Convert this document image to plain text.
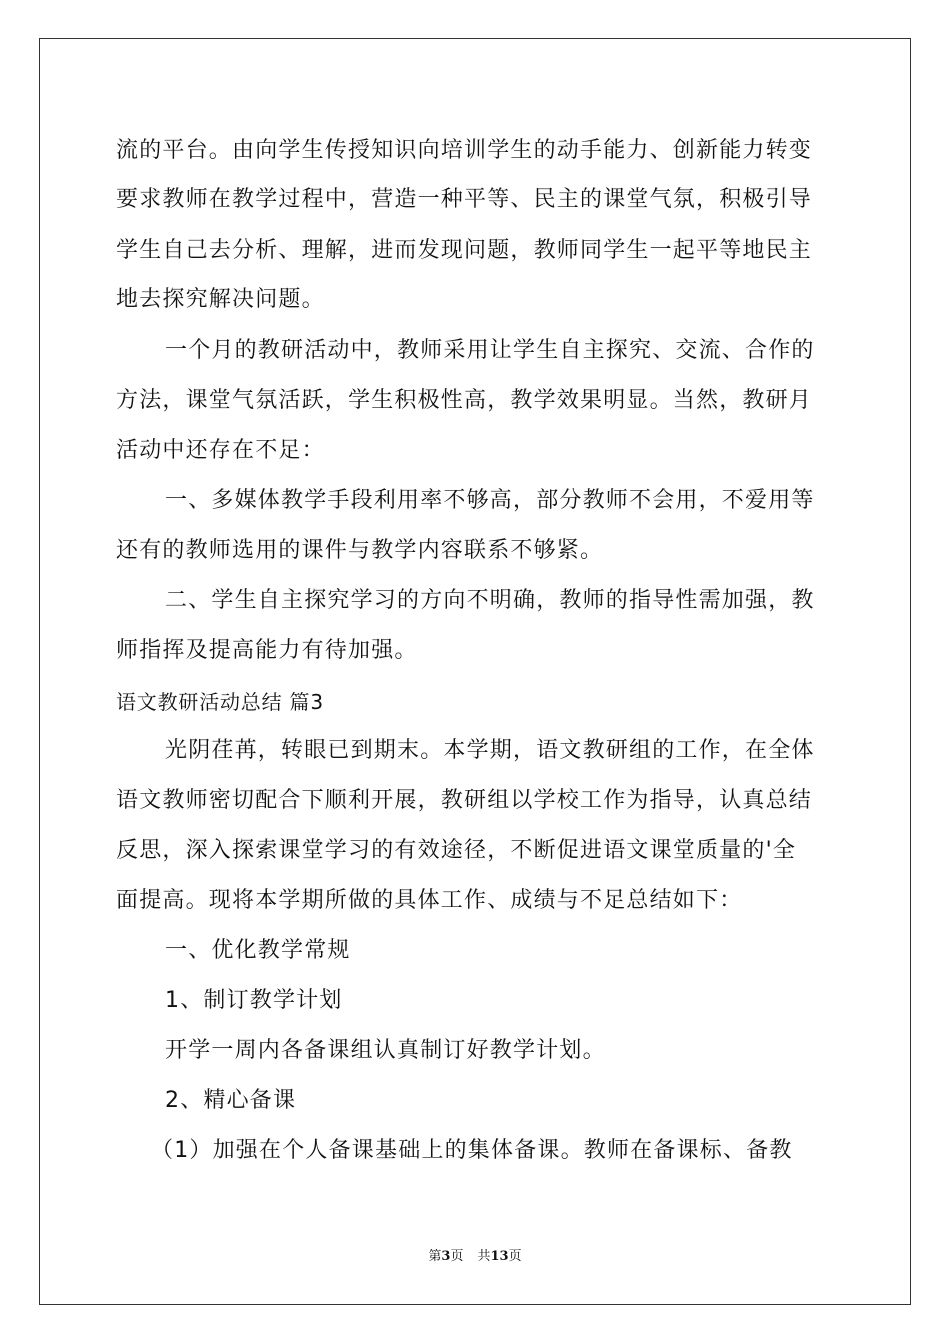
流的平台。由向学生传授知识向培训学生的动手能力、创新能力转变
要求教师在教学过程中，营造一种平等、民主的课堂气氛，积极引导
学生自己去分析、理解，进而发现问题，教师同学生一起平等地民主
地去探究解决问题。
一个月的教研活动中，教师采用让学生自主探究、交流、合作的
方法，课堂气氛活跃，学生积极性高，教学效果明显。当然，教研月
活动中还存在不足：
一、多媒体教学手段利用率不够高，部分教师不会用，不爱用等
还有的教师选用的课件与教学内容联系不够紧。
二、学生自主探究学习的方向不明确，教师的指导性需加强，教
师指挥及提高能力有待加强。
语文教研活动总结 篇3
光阴荏苒，转眼已到期末。本学期，语文教研组的工作，在全体
语文教师密切配合下顺利开展，教研组以学校工作为指导，认真总结
反思，深入探索课堂学习的有效途径，不断促进语文课堂质量的'全
面提高。现将本学期所做的具体工作、成绩与不足总结如下：
一、优化教学常规
1、制订教学计划
开学一周内各备课组认真制订好教学计划。
2、精心备课
（1）加强在个人备课基础上的集体备课。教师在备课标、备教
第3页 共13页
